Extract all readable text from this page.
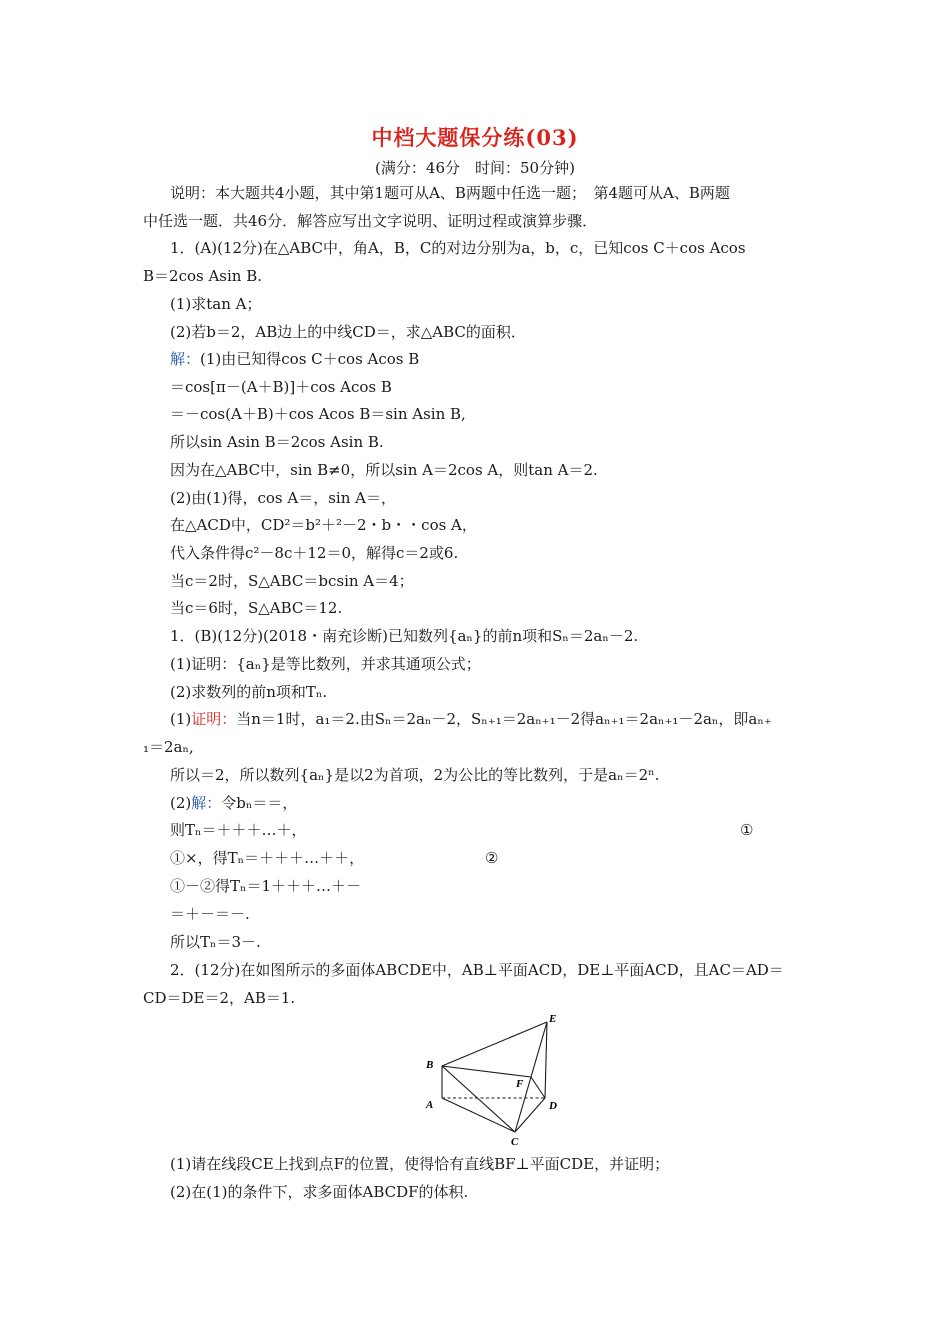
中档大题保分练(03)
(满分：46分　时间：50分钟)
说明：本大题共4小题，其中第1题可从A、B两题中任选一题；　第4题可从A、B两题
中任选一题．共46分．解答应写出文字说明、证明过程或演算步骤．
1．(A)(12分)在△ABC中，角A，B，C的对边分别为a，b，c，已知cos C＋cos Acos
B＝2cos Asin B.
(1)求tan A；
(2)若b＝2，AB边上的中线CD＝，求△ABC的面积．
解：(1)由已知得cos C＋cos Acos B
＝cos[π－(A＋B)]＋cos Acos B
＝－cos(A＋B)＋cos Acos B＝sin Asin B,
所以sin Asin B＝2cos Asin B.
因为在△ABC中，sin B≠0，所以sin A＝2cos A，则tan A＝2.
(2)由(1)得，cos A＝，sin A＝，
在△ACD中，CD²＝b²＋²－2・b・・cos A，
代入条件得c²－8c＋12＝0，解得c＝2或6.
当c＝2时，S△ABC＝bcsin A＝4；
当c＝6时，S△ABC＝12.
1．(B)(12分)(2018・南充诊断)已知数列{aₙ}的前n项和Sₙ＝2aₙ－2.
(1)证明：{aₙ}是等比数列，并求其通项公式；
(2)求数列的前n项和Tₙ.
(1)证明：当n＝1时，a₁＝2.由Sₙ＝2aₙ－2，Sₙ₊₁＝2aₙ₊₁－2得aₙ₊₁＝2aₙ₊₁－2aₙ，即aₙ₊
₁＝2aₙ,
所以＝2，所以数列{aₙ}是以2为首项，2为公比的等比数列，于是aₙ＝2ⁿ.
(2)解：令bₙ＝＝，
则Tₙ＝＋＋＋…＋，	①
①×，得Tₙ＝＋＋＋…＋＋，	②
①－②得Tₙ＝1＋＋＋…＋－
＝＋－＝－.
所以Tₙ＝3－.
2．(12分)在如图所示的多面体ABCDE中，AB⊥平面ACD，DE⊥平面ACD，且AC＝AD＝
CD＝DE＝2，AB＝1.
E
B
F
A	D
C
(1)请在线段CE上找到点F的位置，使得恰有直线BF⊥平面CDE，并证明；
(2)在(1)的条件下，求多面体ABCDF的体积.
